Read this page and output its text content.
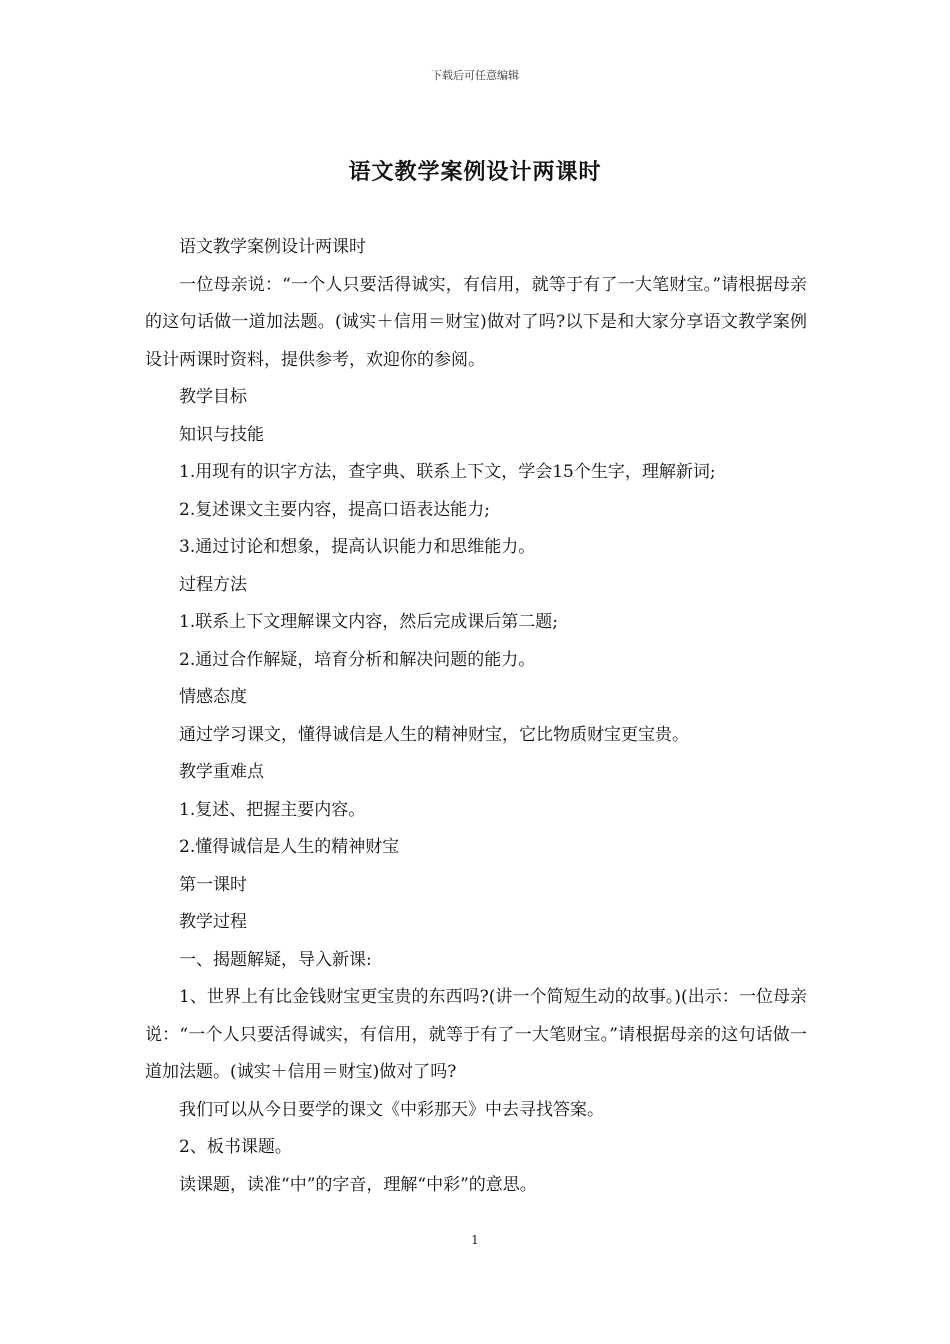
下载后可任意编辑
语文教学案例设计两课时

语文教学案例设计两课时

一位母亲说：“一个人只要活得诚实，有信用，就等于有了一大笔财宝。”请根据母亲的这句话做一道加法题。(诚实＋信用＝财宝)做对了吗?以下是和大家分享语文教学案例设计两课时资料，提供参考，欢迎你的参阅。

教学目标

知识与技能

1.用现有的识字方法，查字典、联系上下文，学会15个生字，理解新词;

2.复述课文主要内容，提高口语表达能力;

3.通过讨论和想象，提高认识能力和思维能力。

过程方法

1.联系上下文理解课文内容，然后完成课后第二题;

2.通过合作解疑，培育分析和解决问题的能力。

情感态度

通过学习课文，懂得诚信是人生的精神财宝，它比物质财宝更宝贵。

教学重难点

1.复述、把握主要内容。

2.懂得诚信是人生的精神财宝

第一课时

教学过程

一、揭题解疑，导入新课:

1、世界上有比金钱财宝更宝贵的东西吗?(讲一个简短生动的故事。)(出示：一位母亲说：“一个人只要活得诚实，有信用，就等于有了一大笔财宝。”请根据母亲的这句话做一道加法题。(诚实＋信用＝财宝)做对了吗?

我们可以从今日要学的课文《中彩那天》中去寻找答案。

2、板书课题。

读课题，读准“中”的字音，理解“中彩”的意思。

1
